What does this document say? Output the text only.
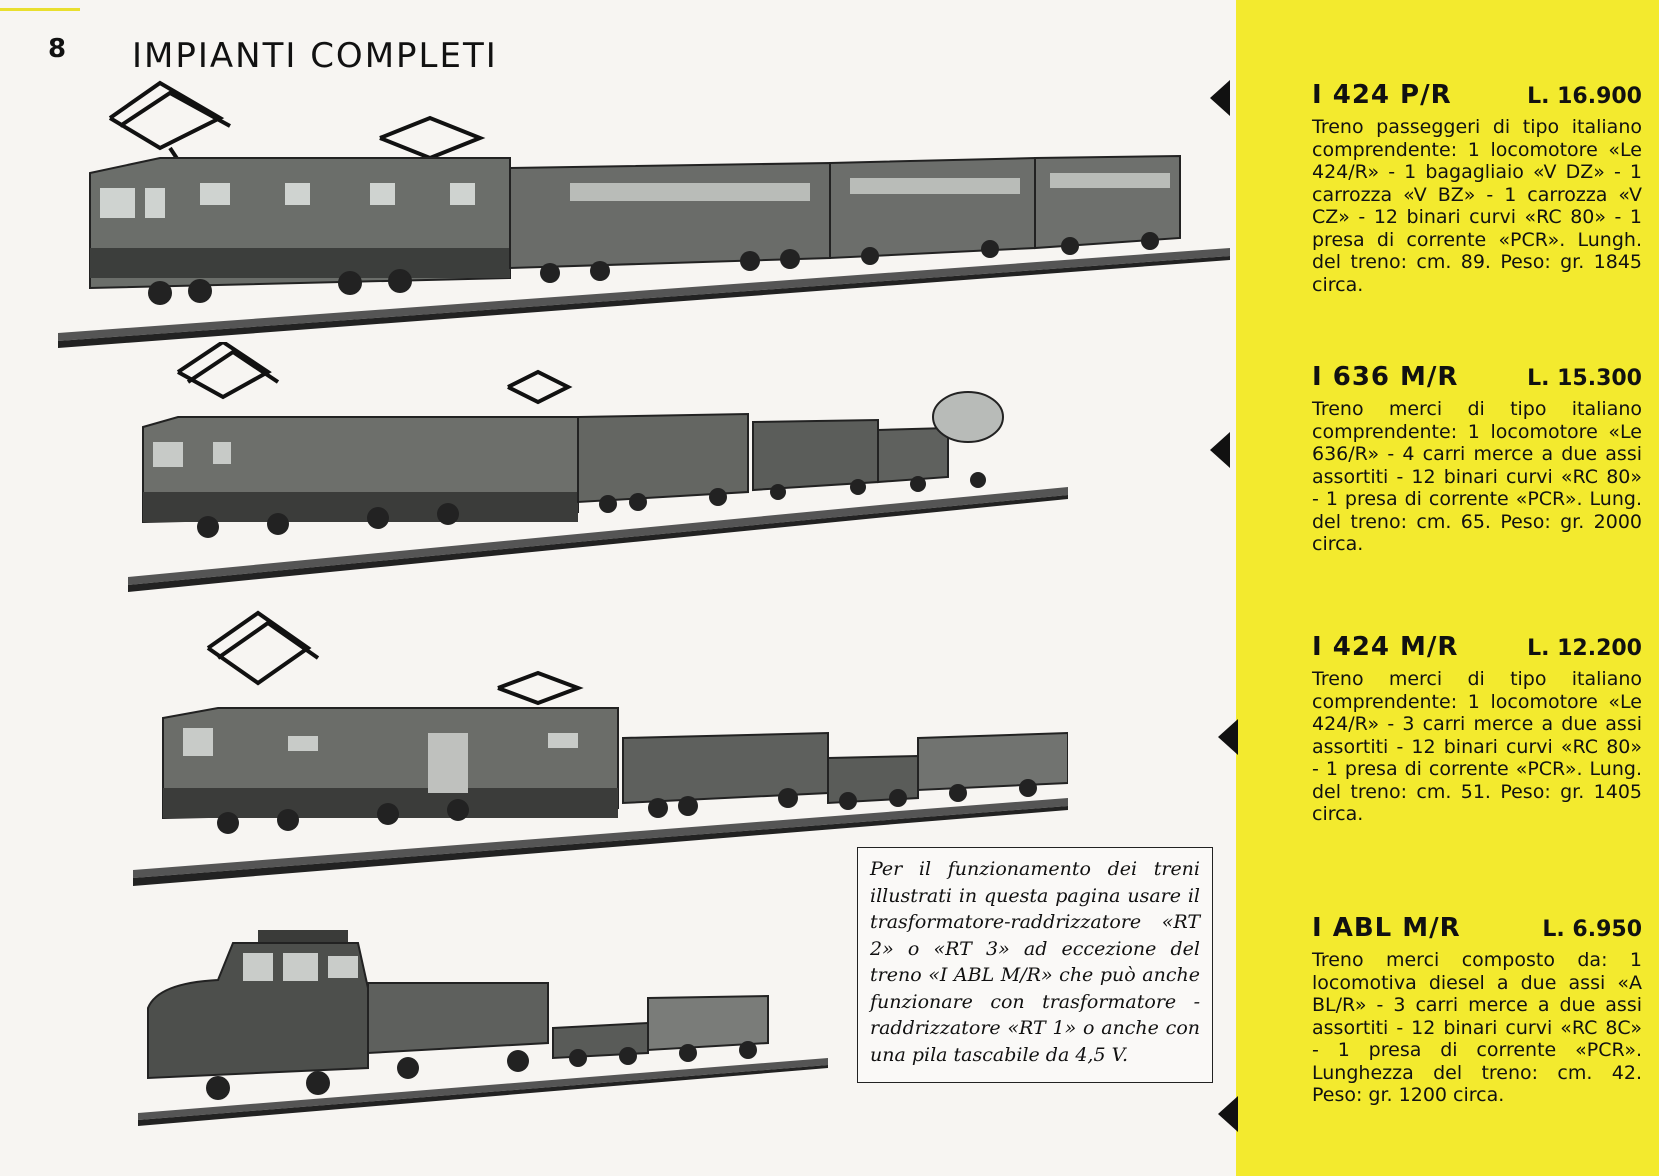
8 IMPIANTI COMPLETI
I 424 P/R	L. 16.900
Treno passeggeri di tipo italiano comprendente: 1 locomotore «Le 424/R» - 1 bagagliaio «V DZ» - 1 carrozza «V BZ» - 1 carrozza «V CZ» - 12 binari curvi «RC 80» - 1 presa di corrente «PCR». Lungh. del treno: cm. 89. Peso: gr. 1845 circa.
I 636 M/R	L. 15.300
Treno merci di tipo italiano comprendente: 1 locomotore «Le 636/R» - 4 carri merce a due assi assortiti - 12 binari curvi «RC 80» - 1 presa di corrente «PCR». Lung. del treno: cm. 65. Peso: gr. 2000 circa.
I 424 M/R	L. 12.200
Treno merci di tipo italiano comprendente: 1 locomotore «Le 424/R» - 3 carri merce a due assi assortiti - 12 binari curvi «RC 80» - 1 presa di corrente «PCR». Lung. del treno: cm. 51. Peso: gr. 1405 circa.
I ABL M/R	L. 6.950
Treno merci composto da: 1 locomotiva diesel a due assi «A BL/R» - 3 carri merce a due assi assortiti - 12 binari curvi «RC 8C» - 1 presa di corrente «PCR». Lunghezza del treno: cm. 42. Peso: gr. 1200 circa.
Per il funzionamento dei treni illustrati in questa pagina usare il trasformatore-raddrizzatore «RT 2» o «RT 3» ad eccezione del treno «I ABL M/R» che può anche funzionare con trasformatore - raddrizzatore «RT 1» o anche con una pila tascabile da 4,5 V.
